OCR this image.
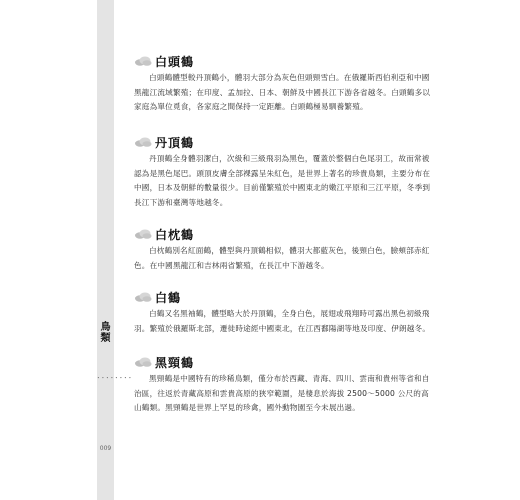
鳥類
．．．．．．．．
009
白頭鶴

白頭鶴體型較丹頂鶴小，體羽大部分為灰色但頭頸雪白。在俄羅斯西伯利亞和中國黑龍江流域繁殖；在印度、孟加拉、日本、朝鮮及中國長江下游各省越冬。白頭鶴多以家庭為單位覓食，各家庭之間保持一定距離。白頭鶴極易馴養繁殖。

丹頂鶴

丹頂鶴全身體羽潔白，次級和三級飛羽為黑色，覆蓋於整個白色尾羽工，故而常被認為是黑色尾巴。頭頂皮膚全部裸露呈朱紅色，是世界上著名的珍貴鳥類，主要分布在中國，日本及朝鮮的數量很少。目前僅繁殖於中國東北的嫩江平原和三江平原，冬季到長江下游和臺灣等地越冬。

白枕鶴

白枕鶴別名紅面鶴，體型與丹頂鶴相似，體羽大都藍灰色，後頸白色，臉頰部赤紅色。在中國黑龍江和吉林兩省繁殖，在長江中下游越冬。

白鶴

白鶴又名黑袖鶴，體型略大於丹頂鶴，全身白色，展翅或飛翔時可露出黑色初級飛羽。繁殖於俄羅斯北部，遷徙時途經中國東北，在江西鄱陽湖等地及印度、伊朗越冬。

黑頸鶴

黑頸鶴是中國特有的珍稀鳥類，僅分布於西藏、青海、四川、雲南和貴州等省和自治區，往返於青藏高原和雲貴高原的狹窄範圍，是棲息於海拔 2500～5000 公尺的高山鶴類。黑頸鶴是世界上罕見的珍禽，國外動物園至今未展出過。
